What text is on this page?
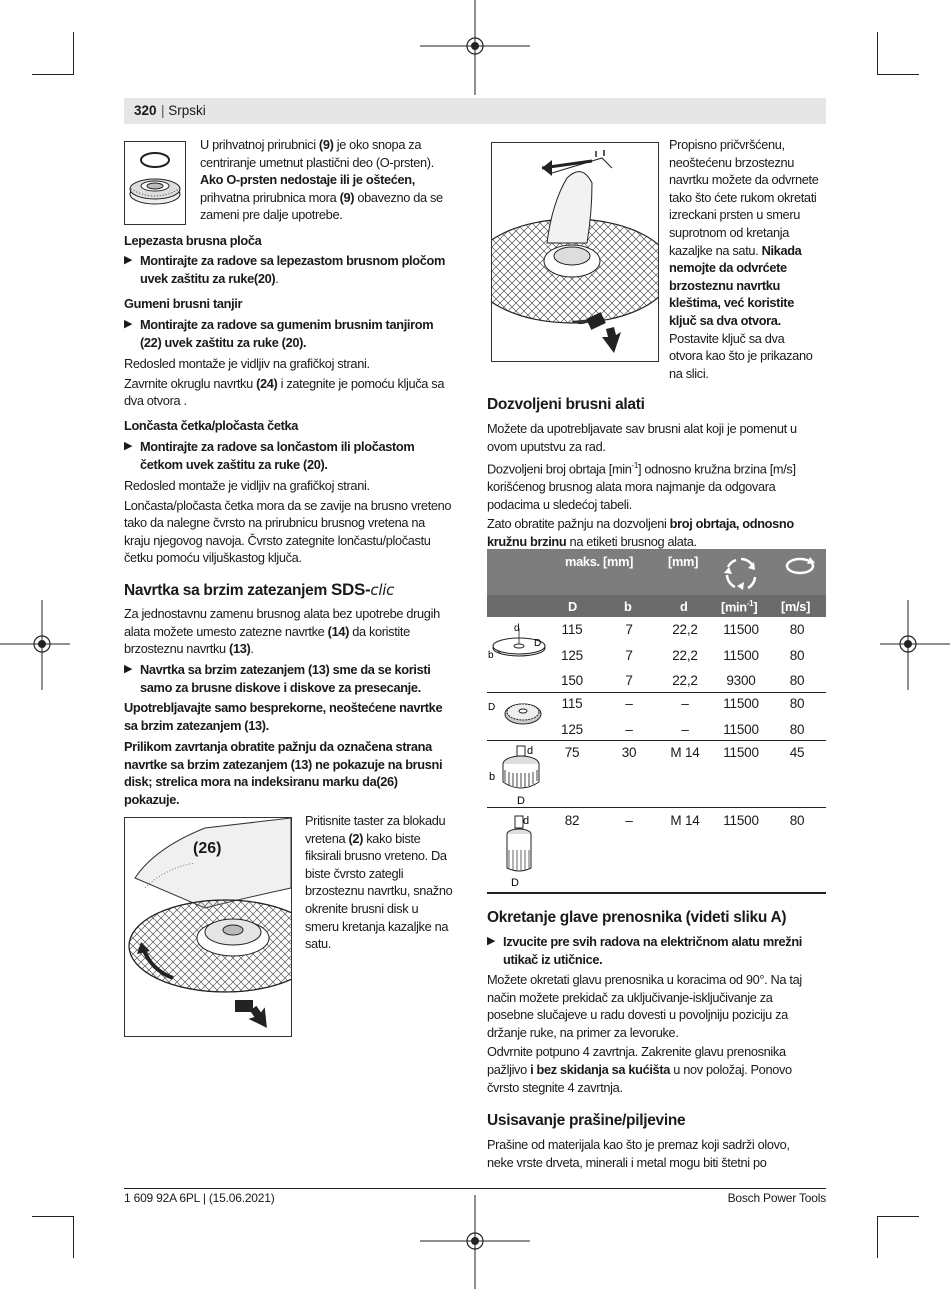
320 | Srpski
U prihvatnoj prirubnici (9) je oko snopa za
centriranje umetnut plastični deo (O-prsten).
Ako O-prsten nedostaje ili je oštećen,
prihvatna prirubnica mora (9) obavezno da se
zameni pre dalje upotrebe.
Lepezasta brusna ploča
▶ Montirajte za radove sa lepezastom brusnom pločom
uvek zaštitu za ruke(20).
Gumeni brusni tanjir
▶ Montirajte za radove sa gumenim brusnim tanjirom
(22) uvek zaštitu za ruke (20).
Redosled montaže je vidljiv na grafičkoj strani.
Zavrnite okruglu navrtku (24) i zategnite je pomoću ključa sa
dva otvora .
Lončasta četka/pločasta četka
▶ Montirajte za radove sa lončastom ili pločastom
četkom uvek zaštitu za ruke (20).
Redosled montaže je vidljiv na grafičkoj strani.
Lončasta/pločasta četka mora da se zavije na brusno vreteno
tako da nalegne čvrsto na prirubnicu brusnog vretena na
kraju njegovog navoja. Čvrsto zategnite lončastu/pločastu
četku pomoću viljuškastog ključa.
Navrtka sa brzim zatezanjem SDS-clic
Za jednostavnu zamenu brusnog alata bez upotrebe drugih
alata možete umesto zatezne navrtke (14) da koristite
brzosteznu navrtku (13).
▶ Navrtka sa brzim zatezanjem (13) sme da se koristi
samo za brusne diskove i diskove za presecanje.
Upotrebljavajte samo besprekorne, neoštećene navrtke
sa brzim zatezanjem (13).
Prilikom zavrtanja obratite pažnju da označena strana
navrtke sa brzim zatezanjem (13) ne pokazuje na brusni
disk; strelica mora na indeksiranu marku da(26)
pokazuje.
(26)
Pritisnite taster za blokadu
vretena (2) kako biste
fiksirali brusno vreteno. Da
biste čvrsto zategli
brzosteznu navrtku, snažno
okrenite brusni disk u
smeru kretanja kazaljke na
satu.
Propisno pričvršćenu,
neoštećenu brzosteznu
navrtku možete da odvrnete
tako što ćete rukom okretati
izreckani prsten u smeru
suprotnom od kretanja
kazaljke na satu. Nikada
nemojte da odvrćete
brzosteznu navrtku
kleštima, već koristite
ključ sa dva otvora.
Postavite ključ sa dva
otvora kao što je prikazano
na slici.
Dozvoljeni brusni alati
Možete da upotrebljavate sav brusni alat koji je pomenut u
ovom uputstvu za rad.
Dozvoljeni broj obrtaja $[\min^{-1}]$ odnosno kružna brzina [m/s]
korišćenog brusnog alata mora najmanje da odgovara
podacima u sledećoj tabeli.
Zato obratite pažnju na dozvoljeni broj obrtaja, odnosno
kružnu brzinu na etiketi brusnog alata.
maks. [mm]	[mm]
D	b	d	$[\min^{-1}]$ [m/s]
d
D
b
D
d
b
D
d
D
115	7	22,2	11500	80
125	7	22,2	11500	80
150	7	22,2	9300	80
115	–	–	11500	80
125	–	–	11500	80
75	30	M 14	11500	45
82	–	M 14	11500	80
Okretanje glave prenosnika (videti sliku A)
▶ Izvucite pre svih radova na električnom alatu mrežni
utikač iz utičnice.
Možete okretati glavu prenosnika u koracima od 90°. Na taj
način možete prekidač za uključivanje-isključivanje za
posebne slučajeve u radu dovesti u povoljniju poziciju za
držanje ruke, na primer za levoruke.
Odvrnite potpuno 4 zavrtnja. Zakrenite glavu prenosnika
pažljivo i bez skidanja sa kućišta u nov položaj. Ponovo
čvrsto stegnite 4 zavrtnja.
Usisavanje prašine/piljevine
Prašine od materijala kao što je premaz koji sadrži olovo,
neke vrste drveta, minerali i metal mogu biti štetni po
1 609 92A 6PL | (15.06.2021)	Bosch Power Tools
